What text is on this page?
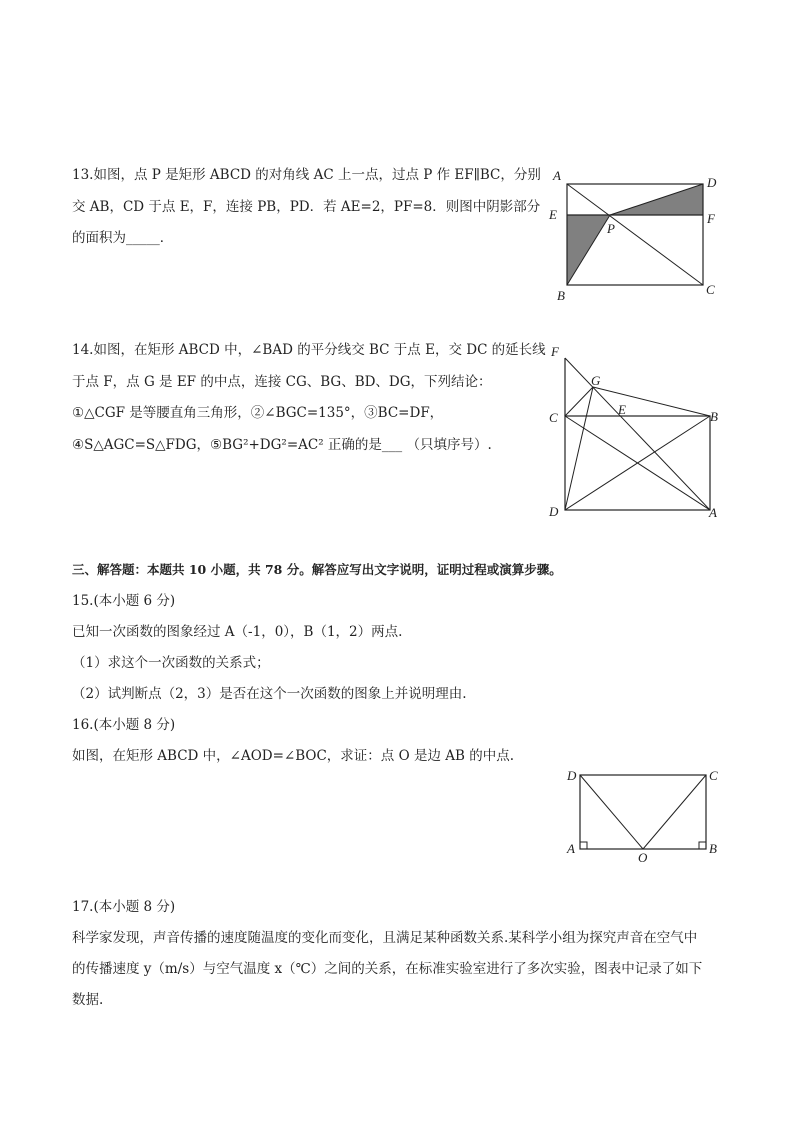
13.如图，点 P 是矩形 ABCD 的对角线 AC 上一点，过点 P 作 EF∥BC，分别
交 AB，CD 于点 E，F，连接 PB，PD．若 AE=2，PF=8．则图中阴影部分
的面积为_____．
A	D
E	F
P
B	C
14.如图，在矩形 ABCD 中，∠BAD 的平分线交 BC 于点 E，交 DC 的延长线
于点 F，点 G 是 EF 的中点，连接 CG、BG、BD、DG，下列结论：
①△CGF 是等腰直角三角形，②∠BGC=135°，③BC=DF，
④S△AGC=S△FDG，⑤BG²+DG²=AC² 正确的是___ （只填序号）.
F
G
C
E	B
D	A
三、解答题：本题共 10 小题，共 78 分。解答应写出文字说明，证明过程或演算步骤。
15.(本小题 6 分)
已知一次函数的图象经过 A（-1，0），B（1，2）两点.
（1）求这个一次函数的关系式；
（2）试判断点（2，3）是否在这个一次函数的图象上并说明理由.
16.(本小题 8 分)
如图，在矩形 ABCD 中，∠AOD=∠BOC，求证：点 O 是边 AB 的中点.
D	C
A
O
B
17.(本小题 8 分)
科学家发现，声音传播的速度随温度的变化而变化，且满足某种函数关系.某科学小组为探究声音在空气中
的传播速度 y（m/s）与空气温度 x（℃）之间的关系，在标准实验室进行了多次实验，图表中记录了如下
数据.
